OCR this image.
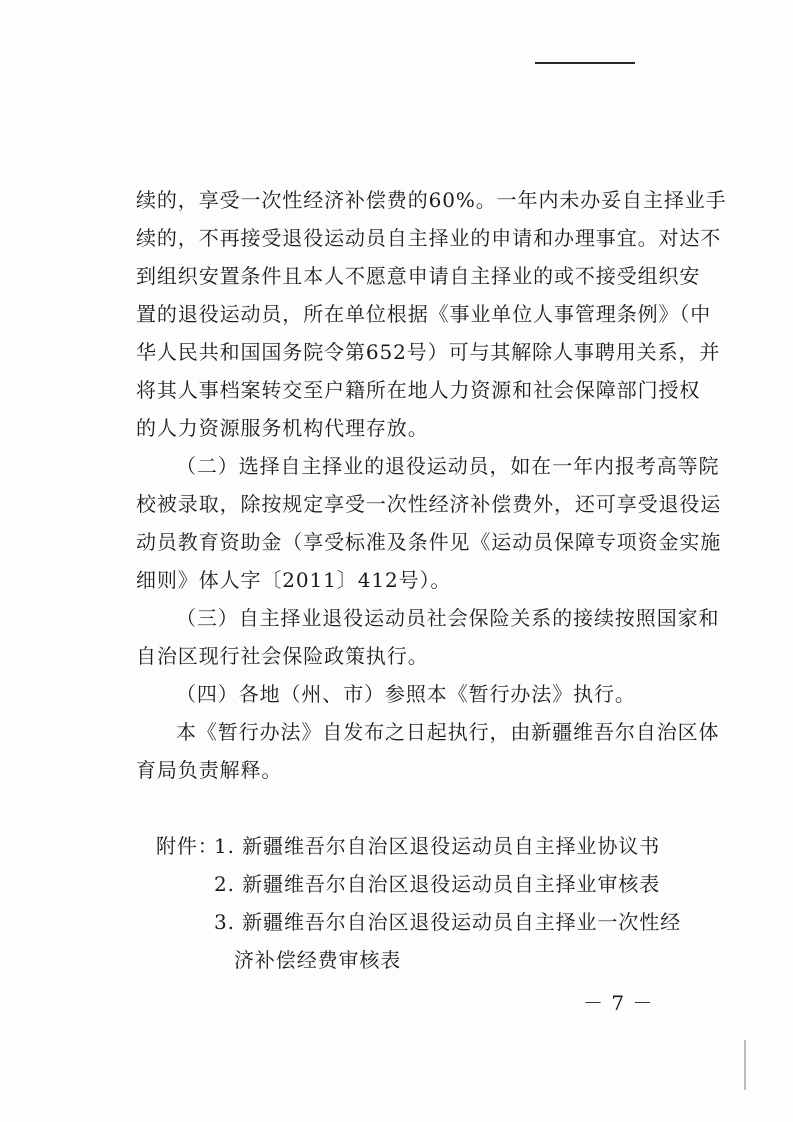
续的，享受一次性经济补偿费的60%。一年内未办妥自主择业手
续的，不再接受退役运动员自主择业的申请和办理事宜。对达不
到组织安置条件且本人不愿意申请自主择业的或不接受组织安
置的退役运动员，所在单位根据《事业单位人事管理条例》（中
华人民共和国国务院令第652号）可与其解除人事聘用关系，并
将其人事档案转交至户籍所在地人力资源和社会保障部门授权
的人力资源服务机构代理存放。
（二）选择自主择业的退役运动员，如在一年内报考高等院
校被录取，除按规定享受一次性经济补偿费外，还可享受退役运
动员教育资助金（享受标准及条件见《运动员保障专项资金实施
细则》体人字〔2011〕412号）。
（三）自主择业退役运动员社会保险关系的接续按照国家和
自治区现行社会保险政策执行。
（四）各地（州、市）参照本《暂行办法》执行。
本《暂行办法》自发布之日起执行，由新疆维吾尔自治区体
育局负责解释。
附件：
1. 新疆维吾尔自治区退役运动员自主择业协议书
2. 新疆维吾尔自治区退役运动员自主择业审核表
3. 新疆维吾尔自治区退役运动员自主择业一次性经
济补偿经费审核表
－ 7 －
